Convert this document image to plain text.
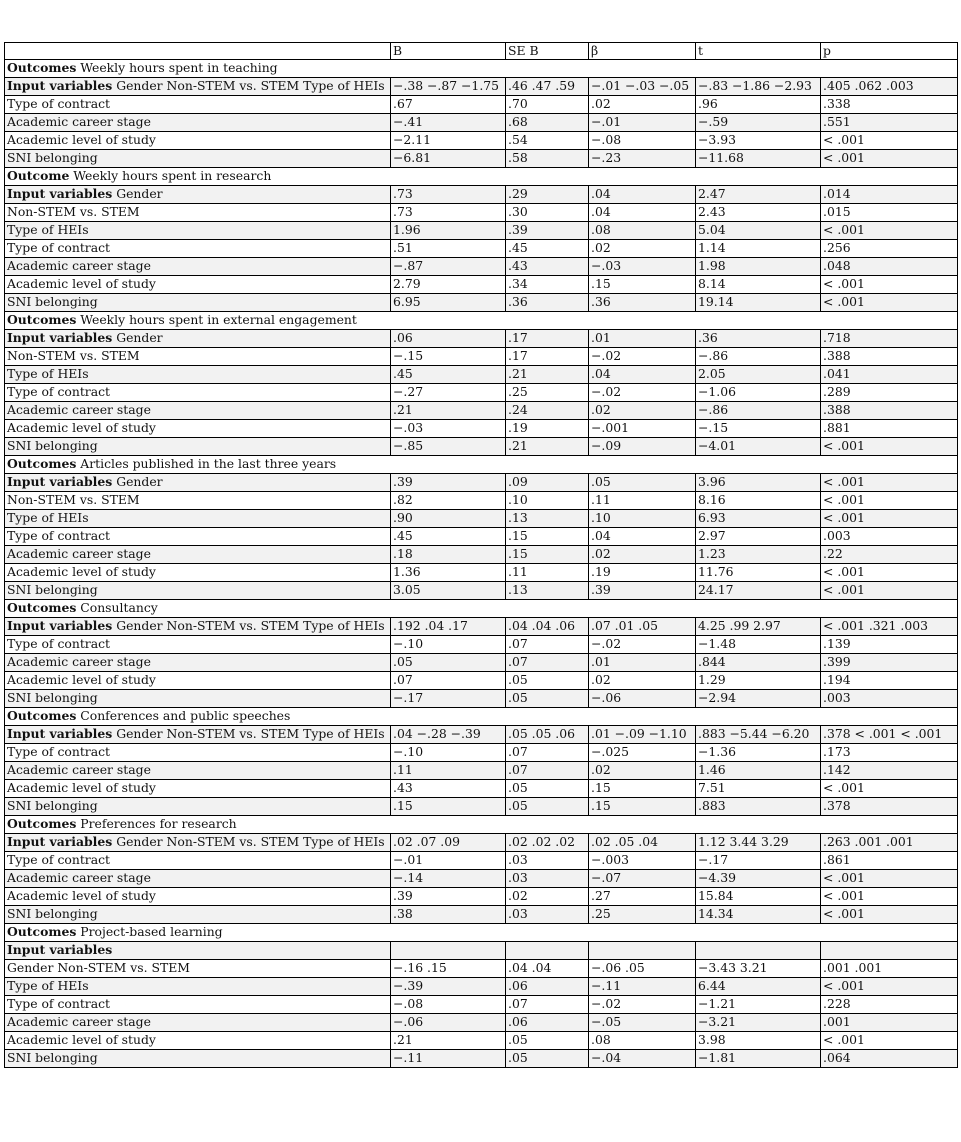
	B	SE B	β	t	p
Outcomes Weekly hours spent in teaching					
Input variables Gender Non-STEM vs. STEM Type of HEIs	−.38 −.87 −1.75	.46 .47 .59	−.01 −.03 −.05	−.83 −1.86 −2.93	.405 .062 .003
Type of contract	.67	.70	.02	.96	.338
Academic career stage	−.41	.68	−.01	−.59	.551
Academic level of study	−2.11	.54	−.08	−3.93	< .001
SNI belonging	−6.81	.58	−.23	−11.68	< .001
Outcome Weekly hours spent in research					
Input variables Gender	.73	.29	.04	2.47	.014
Non-STEM vs. STEM	.73	.30	.04	2.43	.015
Type of HEIs	1.96	.39	.08	5.04	< .001
Type of contract	.51	.45	.02	1.14	.256
Academic career stage	−.87	.43	−.03	1.98	.048
Academic level of study	2.79	.34	.15	8.14	< .001
SNI belonging	6.95	.36	.36	19.14	< .001
Outcomes Weekly hours spent in external engagement					
Input variables Gender	.06	.17	.01	.36	.718
Non-STEM vs. STEM	−.15	.17	−.02	−.86	.388
Type of HEIs	.45	.21	.04	2.05	.041
Type of contract	−.27	.25	−.02	−1.06	.289
Academic career stage	.21	.24	.02	−.86	.388
Academic level of study	−.03	.19	−.001	−.15	.881
SNI belonging	−.85	.21	−.09	−4.01	< .001
Outcomes Articles published in the last three years					
Input variables Gender	.39	.09	.05	3.96	< .001
Non-STEM vs. STEM	.82	.10	.11	8.16	< .001
Type of HEIs	.90	.13	.10	6.93	< .001
Type of contract	.45	.15	.04	2.97	.003
Academic career stage	.18	.15	.02	1.23	.22
Academic level of study	1.36	.11	.19	11.76	< .001
SNI belonging	3.05	.13	.39	24.17	< .001
Outcomes Consultancy					
Input variables Gender Non-STEM vs. STEM Type of HEIs	.192 .04 .17	.04 .04 .06	.07 .01 .05	4.25 .99 2.97	< .001 .321 .003
Type of contract	−.10	.07	−.02	−1.48	.139
Academic career stage	.05	.07	.01	.844	.399
Academic level of study	.07	.05	.02	1.29	.194
SNI belonging	−.17	.05	−.06	−2.94	.003
Outcomes Conferences and public speeches					
Input variables Gender Non-STEM vs. STEM Type of HEIs	.04 −.28 −.39	.05 .05 .06	.01 −.09 −1.10	.883 −5.44 −6.20	.378 < .001 < .001
Type of contract	−.10	.07	−.025	−1.36	.173
Academic career stage	.11	.07	.02	1.46	.142
Academic level of study	.43	.05	.15	7.51	< .001
SNI belonging	.15	.05	.15	.883	.378
Outcomes Preferences for research					
Input variables Gender Non-STEM vs. STEM Type of HEIs	.02 .07 .09	.02 .02 .02	.02 .05 .04	1.12 3.44 3.29	.263 .001 .001
Type of contract	−.01	.03	−.003	−.17	.861
Academic career stage	−.14	.03	−.07	−4.39	< .001
Academic level of study	.39	.02	.27	15.84	< .001
SNI belonging	.38	.03	.25	14.34	< .001
Outcomes Project-based learning					
Input variables					
Gender Non-STEM vs. STEM	−.16 .15	.04 .04	−.06 .05	−3.43 3.21	.001 .001
Type of HEIs	−.39	.06	−.11	6.44	< .001
Type of contract	−.08	.07	−.02	−1.21	.228
Academic career stage	−.06	.06	−.05	−3.21	.001
Academic level of study	.21	.05	.08	3.98	< .001
SNI belonging	−.11	.05	−.04	−1.81	.064
